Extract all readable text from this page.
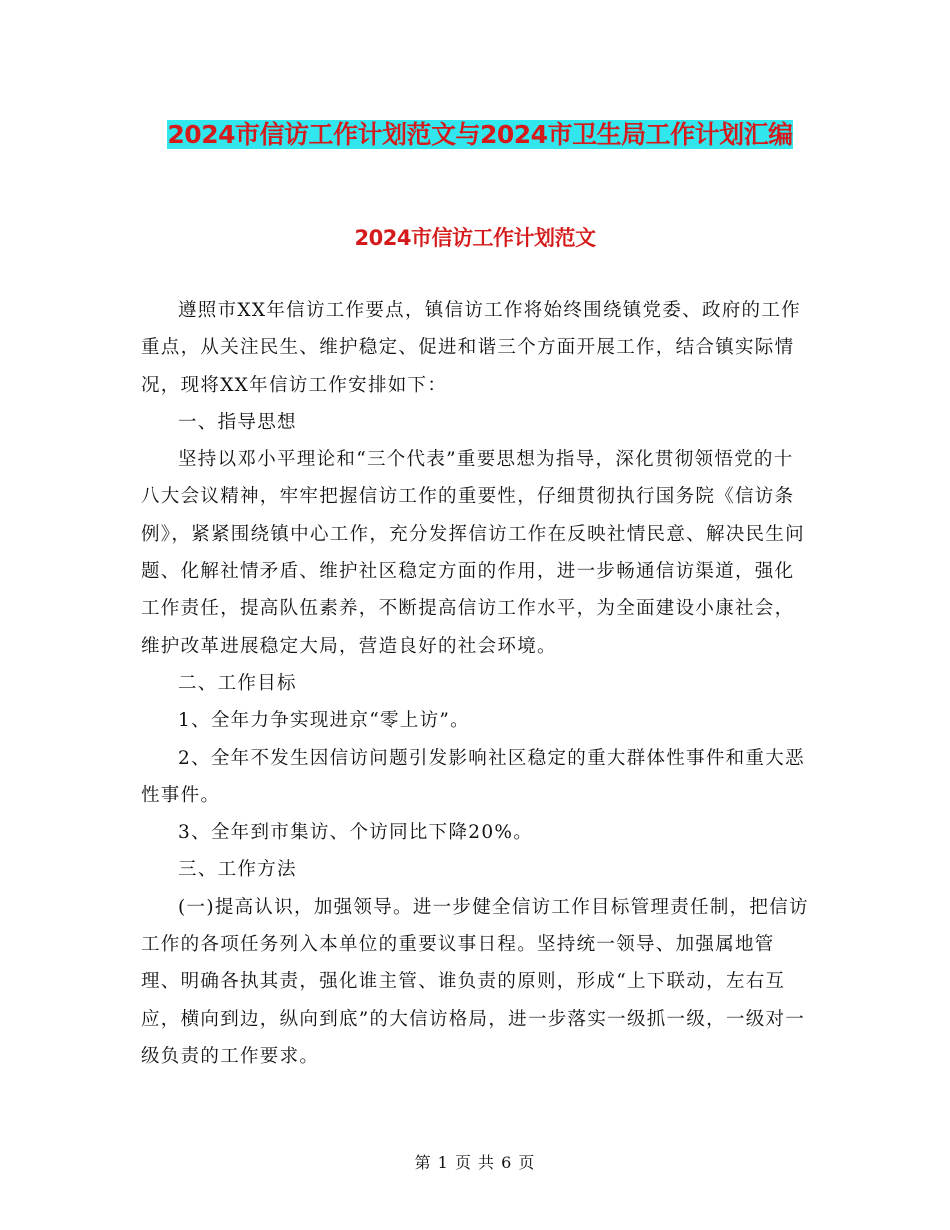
2024市信访工作计划范文与2024市卫生局工作计划汇编
2024市信访工作计划范文

遵照市XX年信访工作要点，镇信访工作将始终围绕镇党委、政府的工作重点，从关注民生、维护稳定、促进和谐三个方面开展工作，结合镇实际情况，现将XX年信访工作安排如下：

一、指导思想

坚持以邓小平理论和“三个代表”重要思想为指导，深化贯彻领悟党的十八大会议精神，牢牢把握信访工作的重要性，仔细贯彻执行国务院《信访条例》，紧紧围绕镇中心工作，充分发挥信访工作在反映社情民意、解决民生问题、化解社情矛盾、维护社区稳定方面的作用，进一步畅通信访渠道，强化工作责任，提高队伍素养，不断提高信访工作水平，为全面建设小康社会，维护改革进展稳定大局，营造良好的社会环境。

二、工作目标

1、全年力争实现进京“零上访”。

2、全年不发生因信访问题引发影响社区稳定的重大群体性事件和重大恶性事件。

3、全年到市集访、个访同比下降20%。

三、工作方法

(一)提高认识，加强领导。进一步健全信访工作目标管理责任制，把信访工作的各项任务列入本单位的重要议事日程。坚持统一领导、加强属地管理、明确各执其责，强化谁主管、谁负责的原则，形成“上下联动，左右互应，横向到边，纵向到底”的大信访格局，进一步落实一级抓一级，一级对一级负责的工作要求。

第 1 页 共 6 页
